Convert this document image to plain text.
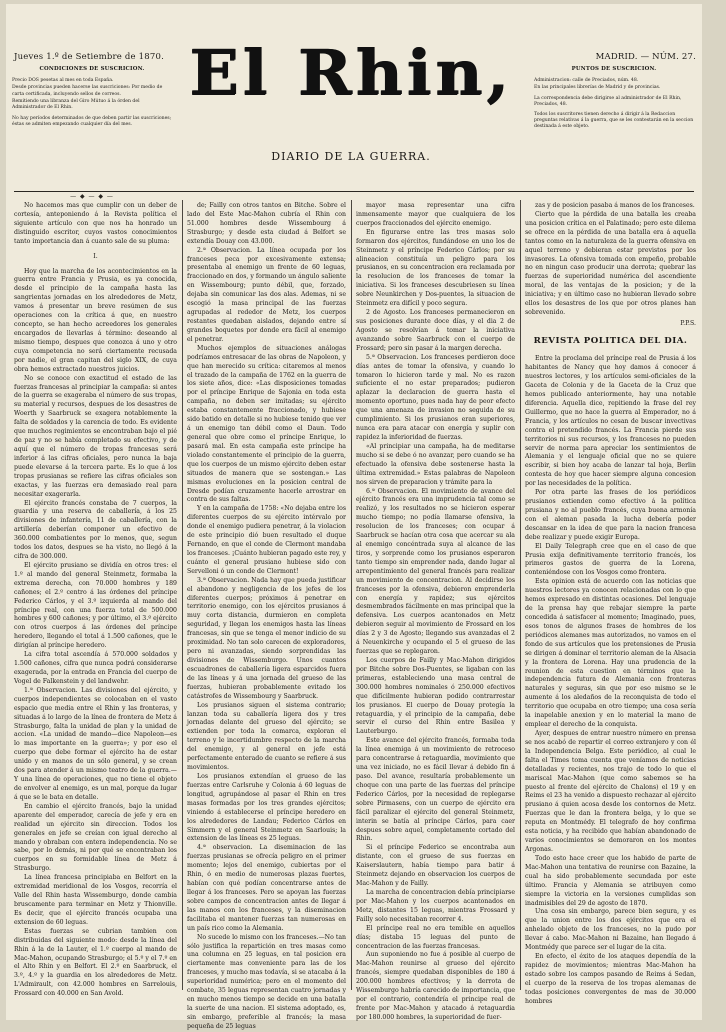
Jueves 1.º de Setiembre de 1870.	MADRID. — NÚM. 27.
CONDICIONES DE SUSCRICION.

Precio DOS pesetas al mes en toda España.

Desde provincias pueden hacerse las suscriciones: Por medio de carta certificada, incluyendo sellos de correos.

Remitiendo una libranza del Giro Mútuo á la órden del Administrador de El Rhin.

No hay períodos determinados de que deben partir las suscriciones; éstas se admiten empezando cualquier día del mes.

El Rhin,
DIARIO DE LA GUERRA.
PUNTOS DE SUSCRICION.

Administracion: calle de Preciados, núm. 48.

En las principales librerías de Madrid y de provincias.

La correspondencia debe dirigirse al administrador de El Rhin, Preciados, 48.

Todos los suscritores tienen derecho á dirigir á la Redaccion preguntas relativas á la guerra, que se les contestarán en la seccion destinada á este objeto.

— ◆ — ◆ —

No hacemos mas que cumplir con un deber de cortesía, anteponiendo á la Revista política el siguiente artículo con que nos ha honrado un distinguido escritor, cuyos vastos conocimientos tanto importancia dan á cuanto sale de su pluma:

I.

Hoy que la marcha de los acontecimientos en la guerra entre Francia y Prusia, es ya conocida, desde el principio de la campaña hasta las sangrientas jornadas en los alrededores de Metz, vamos á presentar un breve resúmen de sus operaciones con la crítica á que, en nuestro concepto, se han hecho acreedores los generales encargados de llevarlas á término: deseando al mismo tiempo, despues que conozca á uno y otro cuya competencia no será ciertamente recusada por nadie, el gran capitan del siglo XIX, de cuya obra hemos extractado nuestros juicios.

No se conoce con exactitud el estado de las fuerzas francesas al principiar la campaña: si antes de la guerra se exageraba el número de sus tropas, su material y recursos, despues de los desastres de Woerth y Saarbruck se exagera notablemente la falta de soldados y la carencia de todo. Es evidente que muchos regimientos se encontraban bajo el pié de paz y no se había completado su efectivo, y de aquí que el número de tropas francesas será inferior á las cifras oficiales, pero nunca la baja puede elevarse á la tercera parte. Es lo que á los tropas prusianas se refiere las cifras oficiales son exactas, y las fuerzas era demasiado real para necesitar exagerarla.

El ejército francés constaba de 7 cuerpos, la guardia y una reserva de caballería, á los 25 divisiones de infantería, 11 de caballería, con la artillería deberían componer un efectivo de 360.000 combatientes por lo menos, que, segun todos los datos, despues se ha visto, no llegó á la cifra de 300.000.

El ejército prusiano se dividía en otros tres: el 1.º al mando del general Steinmetz, formaba la extrema derecha, con 70.000 hombres y 189 cañones; el 2.º centro á las órdenes del príncipe Federico Cárlos, y el 3.º izquierda al mando del príncipe real, con una fuerza total de 500.000 hombres y 600 cañones; y por último, el 3.º ejército con otros cuerpos á las órdenes del príncipe heredero, llegando el total á 1.500 cañones, que le dirigían al príncipe heredero.

La cifra total ascendía á 570.000 soldados y 1.500 cañones, cifra que nunca podrá considerarse exagerada, por la entrada en Francia del cuerpo de Vogel de Falkenstein y del landwehr.

1.ª Observacion. Las divisiones del ejército, y cuerpos independientes se colocaban en el vasto espacio que media entre el Rhin y las fronteras, y situadas á lo largo de la línea de frontera de Metz á Strasburgo, falta la unidad de plan y la unidad de accion. «La unidad de mando—dice Napoleon—es lo mas importante en la guerra»; y por eso el cuerpo que debe formar el ejército ha de estar unido y en manos de un sólo general, y se crean dos para atender á un mismo teatro de la guerra.—Y una línea de operaciones, que no tiene el objeto de envolver al enemigo, es un mal, porque da lugar á que se le bata en detalle.

En cambio el ejército francés, bajo la unidad aparente del emperador, carecía de jefe y era en realidad un ejército sin direccion. Todos los generales en jefe se creían con igual derecho al mando y obraban con entera independencia. No se sabe, por lo demás, ni por qué se encontraban los cuerpos en su formidable línea de Metz á Strasburgo.

La línea francesa principiaba en Belfort en la extremidad meridional de los Vosgos, recorría el Valle del Rhin hasta Wissemburgo, donde cambia bruscamente para terminar en Metz y Thionville. Es decir, que el ejército francés ocupaba una extension de 60 leguas.

Estas fuerzas se cubrian tambien con distribuidas del siguiente modo: desde la línea del Rhin á la de la Lauter, el 1.º cuerpo al mando de Mac-Mahon, ocupando Strasburgo; el 5.º y el 7.º en el Alto Rhin y en Belfort. El 2.º en Saarbruck, el 3.º, 4.º y la guardia en los alrededores de Metz. L'Admirault, con 42.000 hombres en Sarrelouis, Frossard con 40.000 en San Avold.

de; Failly con otros tantos en Bitche. Sobre el lado del Este Mac-Mahon cubría el Rhin con 51.000 hombres desde Wissembourg á Strasburgo; y desde esta ciudad á Belfort se extendía Douay con 43.000.

2.ª Observacion. La línea ocupada por los franceses peca por excesivamente extensa; presentaba al enemigo un frente de 60 leguas, fraccionado en dos, y formando un ángulo saliente en Wissembourg; punto débil, que, forzado, dejaba sin comunicar las dos alas. Ademas, ni se escogió la masa principal de las fuerzas agrupadas al rededor de Metz, los cuerpos restantes quedaban aislados, dejando entre sí grandes boquetes por donde era fácil al enemigo el penetrar.

Muchos ejemplos de situaciones análogas podríamos entresacar de las obras de Napoleon, y que han merecido su crítica: citaremos al menos el trazado de la campaña de 1762 en la guerra de los siete años, dice: «Las disposiciones tomadas por el príncipe Enrique de Sajonia en toda esta campaña, no deben ser imitadas; su ejército estaba constantemente fraccionado, y hubiese sido batido en detalle si no hubiese tenido que ver á un enemigo tan débil como el Daun. Todo general que obre como el príncipe Enrique, lo pasará mal. En esta campaña este príncipe ha violado constantemente el principio de la guerra, que los cuerpos de un mismo ejército deben estar situados de manera que se sostengan.» Las mismas evoluciones en la posicion central de Dresde podían cruzamente hacerle arrostrar en contra de sus faltas.

Y en la campaña de 1758: «No dejaba entre los diferentes cuerpos de su ejército intérvalo por donde el enemigo pudiera penetrar, á la violacion de este principio dió buen resultado el duque Fernando, en que el conde de Clermont mandaba los franceses. ¡Cuánto hubieran pagado este rey, y cuánto el general prusiano hubiese sido con Servelloni ó un conde de Clermont!

3.ª Observacion. Nada hay que pueda justificar el abandono y negligencia de los jefes de los diferentes cuerpos; próximos á penetrar en territorio enemigo, con los ejércitos prusianos á muy corta distancia, durmieron en completa seguridad, y llegan los enemigos hasta las líneas francesas, sin que se tenga el menor indicio de su proximidad. No tan solo carecen de exploradores, pero ni avanzadas, siendo sorprendidas las divisiones de Wissemburgo. Unos cuantos escuadrones de caballería ligera esparcidos fuera de las líneas y á una jornada del grueso de las fuerzas, hubieran probablemente evitado los catástrofes de Wissembourg y Saarbruck.

Los prusianos siguen el sistema contrario; lanzan toda su caballería ligera dos y tres jornadas delante del grueso del ejército; se extienden por toda la comarca, exploran el terreno y le incertidumbre respecto de la marcha del enemigo, y al general en jefe está perfectamente enterado de cuanto se refiere á sus movimientos.

Los prusianos extendían el grueso de las fuerzas entre Carlsruhe y Colonia á 60 leguas de longitud, agrupándose al pasar el Rhin en tres masas formadas por los tres grandes ejércitos; viniendo á establecerse el príncipe heredero en los alrededores de Landau; Federico Cárlos en Simmern y el general Steinmetz en Saarlouis; la extension de las líneas es 25 leguas.

4.ª observacion. La diseminacion de las fuerzas prusianas se ofrecía peligro en el primer momento; lejos del enemigo, cubiertas por el Rhin, ó en medio de numerosas plazas fuertes, habían con qué podían concentrarse antes de llegar á los franceses. Pero se apoyan las fuerzas sobre campos de concentracion antes de llegar á las manos con los franceses, y la diseminacion facilitaba el mantener fuerzas tan numerosas en un país rico como la Alemania.

No sucede lo mismo con los franceses.—No tan sólo justifica la repartición en tres masas como una columna en 25 leguas, en tal posicion era ciertamente mas conveniente para las de los franceses, y mucho mas todavía, si se atacaba á la superioridad numérica; pero en el momento del combate, 35 leguas representan cuatro jornadas y en mucho menos tiempo se decide en una batalla la suerte de una nacion. El sistema adoptado, es, sin embargo, preferible al francés; la masa pequeña de 25 leguas

mayor masa representar una cifra inmensamente mayor que cualquiera de los cuerpos fraccionados del ejército enemigo.

En figurarse entre las tres masas solo formaron dos ejércitos, fundándose en uno los de Steinmetz y el príncipe Federico Cárlos; por su alineacion constituía un peligro para los prusianos, en su concentracion era reclamada por la resolucion de los franceses de tomar la iniciativa. Si los franceses descubriesen su línea sobre Neunkirchen y Dos-puentes, la situacion de Steinmetz era difícil y poco segura.

2 de Agosto. Los franceses permanecieron en sus posiciones durante doce días, y el dia 2 de Agosto se resolvían á tomar la iniciativa avanzando sobre Saarbruck con el cuerpo de Frossard; pero sin pasar á la margen derecha.

5.ª Observacion. Los franceses perdieron doce días antes de tomar la ofensiva, y cuando lo tomaron lo hicieron tarde y mal. No es razon suficiente el no estar preparados; pudieron aplazar la declaracion de guerra hasta el momento oportuno, pues nada hay de peor efecto que una amenaza de invasion no seguida de su cumplimiento. Si los prusianos eran superiores, nunca era para atacar con energía y suplir con rapidez la inferioridad de fuerzas.

«Al principiar una campaña, ha de meditarse mucho si se debe ó no avanzar, pero cuando se ha efectuado la ofensiva debe sostenerse hasta la última extremidad.» Estas palabras de Napoleon nos sirven de preparacion y trámite para la

6.ª Observacion. El movimiento de avance del ejército francés era una imprudencia tal como se realizó, y los resultados no se hicieron esperar mucho tiempo; no podía llamarse ofensiva, la resolucion de los franceses; con ocupar á Saarbruck se hacían otra cosa que acercar su ala al enemigo concéntrada suya al alcance de las tiros, y sorprende como los prusianos esperaron tanto tiempo sin emprender nada, dando lugar al arrepentimiento del general francés para realizar un movimiento de concentracion. Al decidirse los franceses por la ofensiva, debieron emprenderla con energía y rapidez; sus ejércitos desmembrados fácilmente en mas principal que la defensiva. Los cuerpos acantonados en Metz debieron seguir al movimiento de Frossard en los días 2 y 3 de Agosto; llegando sus avanzadas el 2 á Neuenkirche y ocupando el 5 el grueso de las fuerzas que se replegaron.

Los cuerpos de Failly y Mac-Mahon dirigidos por Bitche sobre Dos-Puentes, se ligaban con las primeras, estableciendo una masa central de 300.000 hombres nominales ó 250.000 efectivos que difícilmente hubieran podido contrarrestar los prusianos. El cuerpo de Douay protegía la retaguardia, y el principio de la campaña, debe servir el curso del Rhin entre Basilea y Lauterburgo.

Este avance del ejército francés, formaba toda la línea enemiga á un movimiento de retroceso para concentrarse á retaguardia, movimiento que una vez iniciado, no es fácil llevar á debido fin á paso. Del avance, resultaría probablemente un choque con una parte de las fuerzas del príncipe Federico Cárlos, por la necesidad de replegarse sobre Pirmasens, con un cuerpo de ejército era fácil paralizar el ejército del general Steinmetz, interin se batía al príncipe Cárlos, para caer despues sobre aquel, completamente cortado del Rhin.

Si el príncipe Federico se encontraba aun distante, con el grueso de sus fuerzas en Kaiserslautern, había tiempo para batir á Steinmetz dejando en observacion los cuerpos de Mac-Mahon y de Failly.

La marcha de concentracion debía principiarse por Mac-Mahon y los cuerpos acantonados en Metz, distantes 15 leguas, mientras Frossard y Failly solo necesitaban recorrer 4.

El príncipe real no era temible en aquellos días; distaba 15 leguas del punto de concentracion de las fuerzas francesas.

Aun suponiendo no fue á posible al cuerpo de Mac-Mahon reunirse al grueso del ejército francés, siempre quedaban disponibles de 180 á 200.000 hombres efectivos; y la derrota de Wissemburgo habría carecido de importancia, que por el contrario, contendría el principe real de frente por Mac-Mahon y atacado á retaguardia por 180.000 hombres, la superioridad de fuer-

zas y de posicion pasaba á manos de los franceses.

Cierto que la pérdida de una batalla les creaba una posicion crítica en el Palatinado; pero este dilema se ofrece en la pérdida de una batalla era á aquella tantos como en la naturaleza de la guerra ofensiva en aquel terreno y debieran estar previstos por los invasores. La ofensiva tomada con empeño, probable no en ningun caso producir una derrota; quebrar las fuerzas de superioridad numérica del ascendiente moral, de las ventajas de la posicion; y de la iniciativa; y en último caso no hubieran llevado sobre ellos los desastres de los que por otros planes han sobrevenido.

P.P.S.

REVISTA POLITICA DEL DIA.

Entre la proclama del príncipe real de Prusia á los habitantes de Nancy que hoy damos á conocer á nuestros lectores, y los artículos semi-oficiales de la Gaceta de Colonia y de la Gaceta de la Cruz que hemos publicado anteriormente, hay una notable diferencia. Aquella dice, repitiendo la frase del rey Guillermo, que no hace la guerra al Emperador, no á Francia, y los artículos no cesan de buscar invectivas contra el pretendido francés. La Francia pierde sus territorios ni sus recursos, y los franceses no pueden servir de norma para apreciar los sentimientos de Alemania y el lenguaje oficial que no se quiere escribir, si bien hoy acaba de lanzar tal hoja, Berlin contesta de hoy que hacer siempre alguna concesion por las necesidades de la política.

Por otra parte las frases de los periódicos prusianos extienden como efectivo á la política prusiana y no al pueblo francés, cuya buena armonía con el aleman pasada la lucha debería poder descansar en la idea de que para la nacion francesa debe realizar y puede exigir Europa.

El Daily Telegraph cree que en el caso de que Prusia exija definitivamente territorio francés, los primeros gastos de guerra de la Lorena, conteniéndose con los Vosgos como frontera.

Esta opinion está de acuerdo con las noticias que nuestros lectores ya conocen relacionadas con lo que hemos expresado en distintas ocasiones. Del lenguaje de la prensa hay que rebajar siempre la parte concedida á satisfacer al momento; Imaginado, pues, esos tonos de algunos frases de hombres de los periódicos alemanes mas autorizados, no vamos en el fondo de sus artículos que los pretensiones de Prusia se dirigen á dominar el territorio aleman de la Alsacia y la frontera de Lorena. Hay una prudencia de la reunion de esta cuestion en términos que la independencia futura de Alemania con fronteras naturales y seguras, sin que por eso mismo se le aumente á los aledaños de la reconquista de todo el territorio que ocupaba en otro tiempo; una cosa sería la inapelable anexion y en lo material la mano de emplear el derecho de la conquista.

Ayer, despues de entrar nuestro número en prensa se nos acabó de repartir el correo extranjero y con él la Independencia Belga. Este periódico, al cual le falta el Times toma cuenta que veníamos de noticias detalladas y recientes, nos trajo de todo lo que el mariscal Mac-Mahon (que como sabemos se ha puesto al frente del ejército de Chalons) el 19 y en Reims el 23 ha venido a dispuesto rechazar al ejército prusiano á quien acosa desde los contornos de Metz. Fuerzas que le dan la frontera belga, y lo que se reputa en Montmédy. El telegrafo de hoy confirma esta noticia, y ha recibido que habían abandonado de varios conocimientos se demoraron en los montes Argonas.

Todo esto hace creer que los habido de parte de Mac-Mahon una tentativa de reunirse con Bazaine, la cual ha sido probablemente secundada por este último. Francia y Alemania se atribuyen como siempre la victoria en la versiones cumplidas son inadmisibles del 29 de agosto de 1870.

Una cosa sin embargo, parece bien segura, y es que la union entre los dos ejércitos que era el anhelado objeto de los franceses, no la pudo por llevar á cabo. Mac-Mahon ni Bazaine, han llegado á Montmédy que parece ser el lugar de la cita.

En efecto, el éxito de los ataques dependía de la rapidez de movimientos; mientras Mac-Mahon ha estado sobre los campos pasando de Reims á Sedan, el cuerpo de la reserva de los tropas alemanas de todas posiciones convergentes de mas de 30.000 hombres
